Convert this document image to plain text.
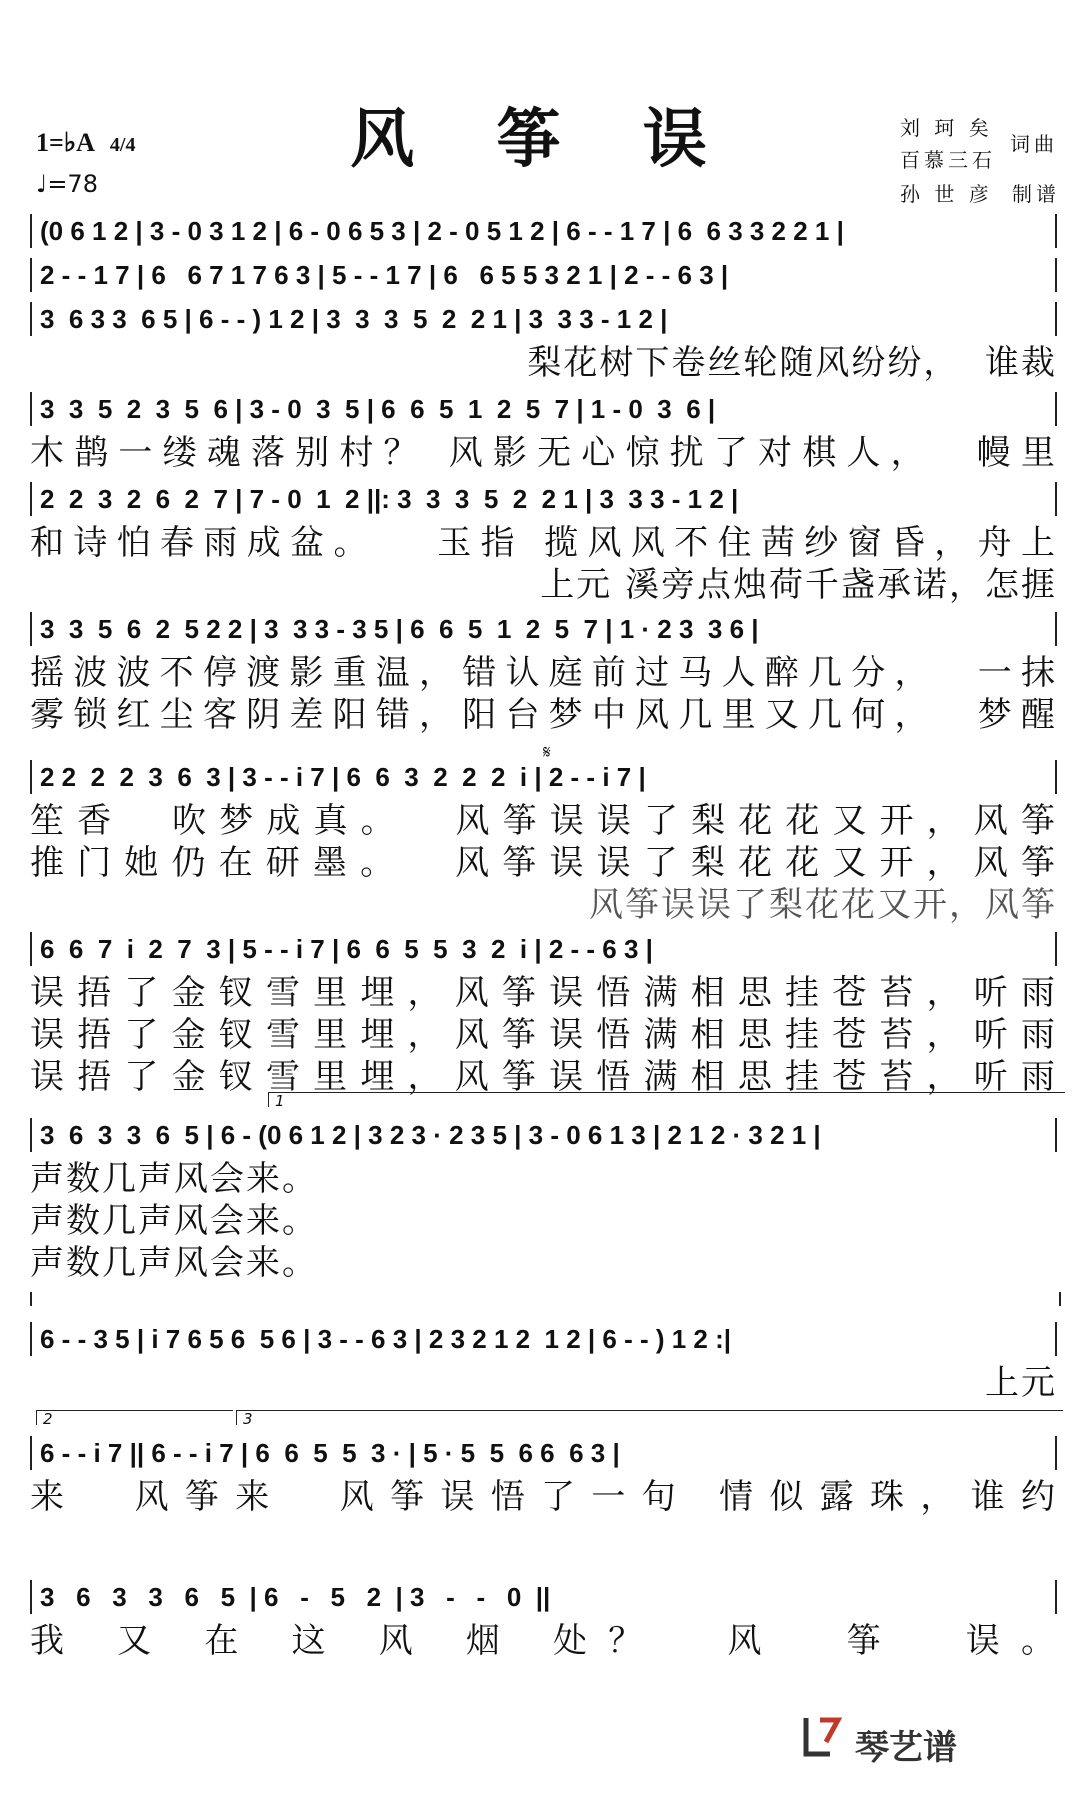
风 筝 误
1=♭A 4/4
♩=78
刘 珂 矣
百慕三石
词曲
孙 世 彦 制谱
(0 6 1 2 | 3 - 0 3 1 2 | 6 - 0 6 5 3 | 2 - 0 5 1 2 | 6 - - 1 7 | 6  6 3 3 2 2 1 |
2 - - 1 7 | 6   6 7 1 7 6 3 | 5 - - 1 7 | 6   6 5 5 3 2 1 | 2 - - 6 3 |
3  6 3 3  6 5 | 6 - - ) 1 2 | 3  3  3  5  2  2 1 | 3  3 3 - 1 2 |
梨花树下卷丝轮随风纷纷，  谁裁
3  3  5  2  3  5  6 | 3 - 0  3  5 | 6  6  5  1  2  5  7 | 1 - 0  3  6 |
木鹊一缕魂落别村？ 风影无心惊扰了对棋人，  幔里
2  2  3  2  6  2  7 | 7 - 0  1  2 ||: 3  3  3  5  2  2 1 | 3  3 3 - 1 2 |
和诗怕春雨成盆。   玉指 揽风风不住茜纱窗昏，舟上
上元 溪旁点烛荷千盏承诺，怎捱
3  3  5  6  2  5 2 2 | 3  3 3 - 3 5 | 6  6  5  1  2  5  7 | 1 · 2 3  3 6 |
摇波波不停渡影重温，错认庭前过马人醉几分，  一抹
雾锁红尘客阴差阳错，阳台梦中风几里又几何，  梦醒
𝄋
2 2  2  2  3  6  3 | 3 - - i 7 | 6  6  3  2  2  2  i | 2 - - i 7 |
笙香  吹梦成真。  风筝误误了梨花花又开，风筝
推门她仍在研墨。  风筝误误了梨花花又开，风筝
风筝误误了梨花花又开，风筝
6  6  7  i  2  7  3 | 5 - - i 7 | 6  6  5  5  3  2  i | 2 - - 6 3 |
误捂了金钗雪里埋，风筝误悟满相思挂苍苔，听雨
误捂了金钗雪里埋，风筝误悟满相思挂苍苔，听雨
误捂了金钗雪里埋，风筝误悟满相思挂苍苔，听雨
1
3  6  3  3  6  5 | 6 - (0 6 1 2 | 3 2 3 · 2 3 5 | 3 - 0 6 1 3 | 2 1 2 · 3 2 1 |
声数几声风会来。
声数几声风会来。
声数几声风会来。
6 - - 3 5 | i 7 6 5 6  5 6 | 3 - - 6 3 | 2 3 2 1 2  1 2 | 6 - - ) 1 2 :|
上元
2	3
6 - - i 7 || 6 - - i 7 | 6  6  5  5  3 · | 5 · 5  5  6 6  6 3 |
来  风筝来  风筝误悟了一句 情似露珠，谁约
3   6   3   3   6   5  | 6   -   5   2  | 3   -   -   0  ||
我 又 在 这 风 烟 处？  风  筝  误。
琴艺谱
